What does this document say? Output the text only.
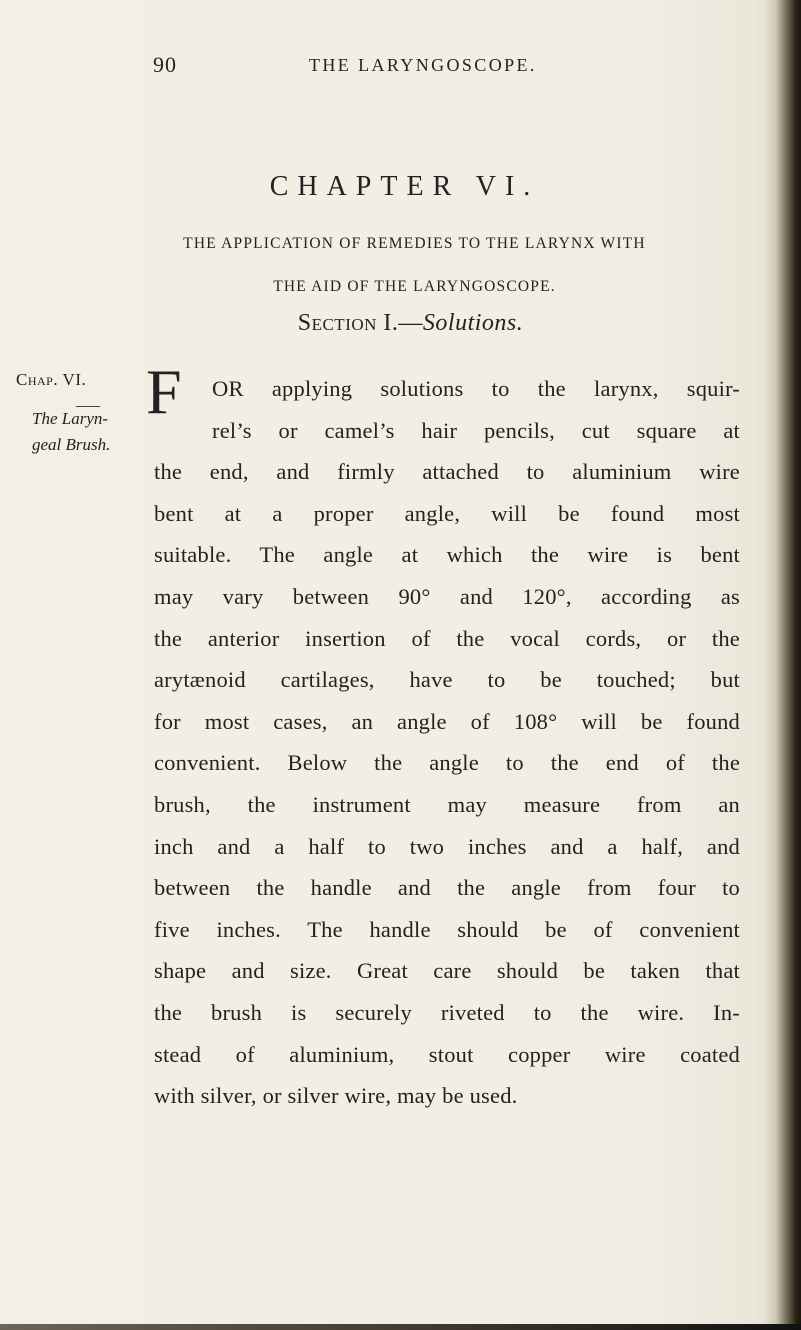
90	THE LARYNGOSCOPE.
CHAPTER VI.
THE APPLICATION OF REMEDIES TO THE LARYNX WITH
THE AID OF THE LARYNGOSCOPE.
Section I.—Solutions.
Chap. VI.
The Laryn-
geal Brush.
F OR applying solutions to the larynx, squir-
rel’s or camel’s hair pencils, cut square at
the end, and firmly attached to aluminium wire
bent at a proper angle, will be found most
suitable. The angle at which the wire is bent
may vary between 90° and 120°, according as
the anterior insertion of the vocal cords, or the
arytænoid cartilages, have to be touched; but
for most cases, an angle of 108° will be found
convenient. Below the angle to the end of the
brush, the instrument may measure from an
inch and a half to two inches and a half, and
between the handle and the angle from four to
five inches. The handle should be of convenient
shape and size. Great care should be taken that
the brush is securely riveted to the wire. In-
stead of aluminium, stout copper wire coated
with silver, or silver wire, may be used.
